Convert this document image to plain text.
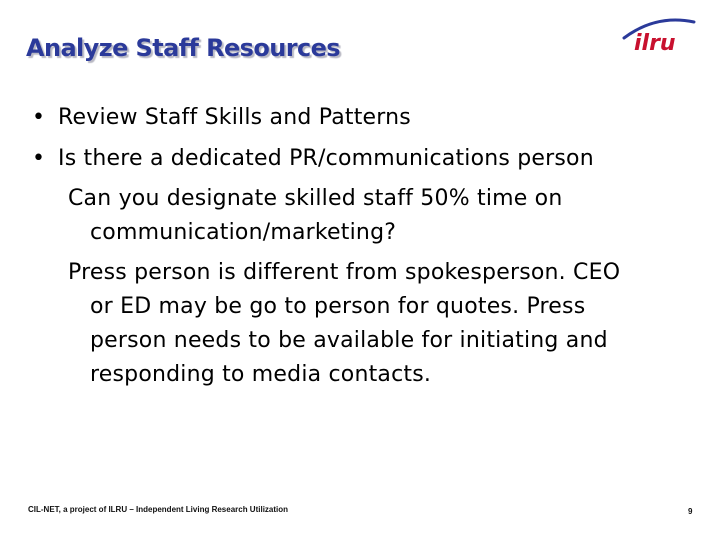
Analyze Staff Resources	ilru
• Review Staff Skills and Patterns
• Is there a dedicated PR/communications person
Can you designate skilled staff 50% time on
communication/marketing?
Press person is different from spokesperson. CEO
or ED may be go to person for quotes. Press
person needs to be available for initiating and
responding to media contacts.
CIL-NET, a project of ILRU – Independent Living Research Utilization	9
